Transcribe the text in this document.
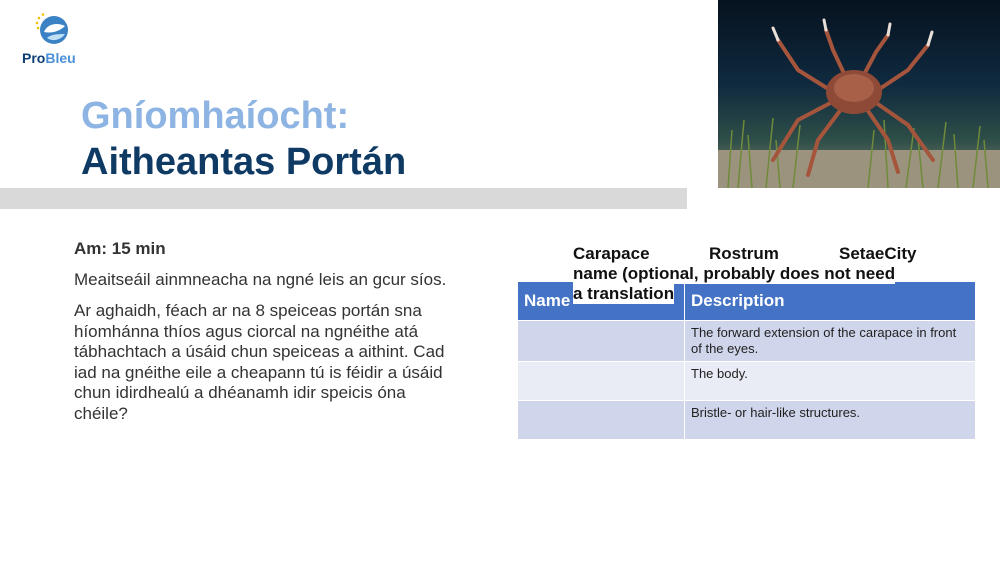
ProBleu
Gníomhaíocht:
Aitheantas Portán

Am: 15 min

Meaitseáil ainmneacha na ngné leis an gcur síos.

Ar aghaidh, féach ar na 8 speiceas portán sna híomhánna thíos agus ciorcal na ngnéithe atá tábhachtach a úsáid chun speiceas a aithint. Cad iad na gnéithe eile a cheapann tú is féidir a úsáid chun idirdhealú a dhéanamh idir speicis óna chéile?

Name	Description
	The forward extension of the carapace in front of the eyes.
	The body.
	Bristle- or hair-like structures.
Carapace	Rostrum	SetaeCity
name (optional, probably does not need
a translation
